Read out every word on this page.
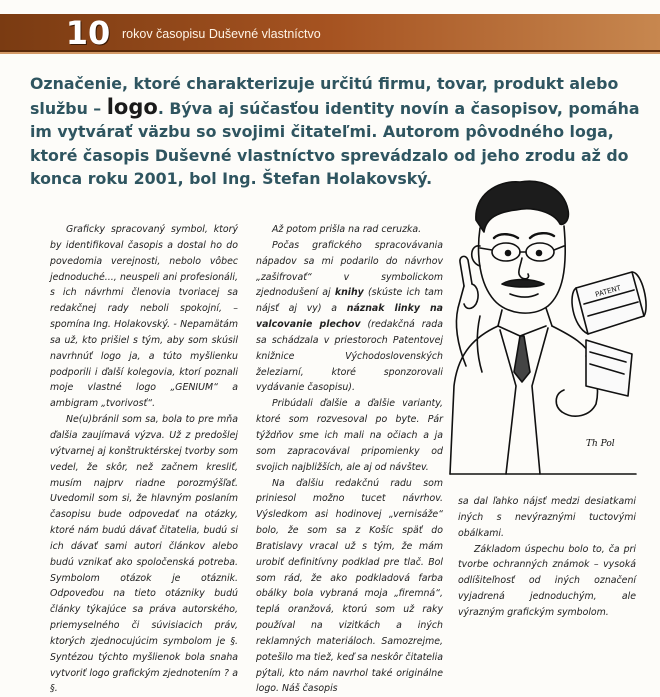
10 rokov časopisu Duševné vlastníctvo
Označenie, ktoré charakterizuje určitú firmu, tovar, produkt alebo službu – logo. Býva aj súčasťou identity novín a časopisov, pomáha im vytvárať väzbu so svojimi čitateľmi. Autorom pôvodného loga, ktoré časopis Duševné vlastníctvo sprevádzalo od jeho zrodu až do konca roku 2001, bol Ing. Štefan Holakovský.

Graficky spracovaný symbol, ktorý by identifikoval časopis a dostal ho do povedomia verejnosti, nebolo vôbec jednoduché..., neuspeli ani profesionáli, s ich návrhmi členovia tvoriacej sa redakčnej rady neboli spokojní, – spomína Ing. Holakovský. - Nepamätám sa už, kto prišiel s tým, aby som skúsil navrhnúť logo ja, a túto myšlienku podporili i ďalší kolegovia, ktorí poznali moje vlastné logo „GENIUM“ a ambigram „tvorivosť“.

Ne(u)bránil som sa, bola to pre mňa ďalšia zaujímavá výzva. Už z predošlej výtvarnej aj konštruktérskej tvorby som vedel, že skôr, než začnem kresliť, musím najprv riadne porozmýšľať. Uvedomil som si, že hlavným poslaním časopisu bude odpovedať na otázky, ktoré nám budú dávať čitatelia, budú si ich dávať sami autori článkov alebo budú vznikať ako spoločenská potreba. Symbolom otázok je otáznik. Odpoveďou na tieto otázniky budú články týkajúce sa práva autorského, priemyselného či súvisiacich práv, ktorých zjednocujúcim symbolom je §. Syntézou týchto myšlienok bola snaha vytvoriť logo grafickým zjednotením ? a §.

Až potom prišla na rad ceruzka.

Počas grafického spracovávania nápadov sa mi podarilo do návrhov „zašifrovať“ v symbolickom zjednodušení aj knihy (skúste ich tam nájsť aj vy) a náznak linky na valcovanie plechov (redakčná rada sa schádzala v priestoroch Patentovej knižnice Východoslovenských železiarní, ktoré sponzorovali vydávanie časopisu).

Pribúdali ďalšie a ďalšie varianty, ktoré som rozvesoval po byte. Pár týždňov sme ich mali na očiach a ja som zapracovával pripomienky od svojich najbližších, ale aj od návštev.

Na ďalšiu redakčnú radu som priniesol možno tucet návrhov. Výsledkom asi hodinovej „vernisáže“ bolo, že som sa z Košíc späť do Bratislavy vracal už s tým, že mám urobiť definitívny podklad pre tlač. Bol som rád, že ako podkladová farba obálky bola vybraná moja „firemná“, teplá oranžová, ktorú som už raky používal na vizitkách a iných reklamných materiáloch. Samozrejme, potešilo ma tiež, keď sa neskôr čitatelia pýtali, kto nám navrhol také originálne logo. Náš časopis

sa dal ľahko nájsť medzi desiatkami iných s nevýraznými tuctovými obálkami.

Základom úspechu bolo to, ča pri tvorbe ochranných známok – vysoká odlíšiteľnosť od iných označení vyjadrená jednoduchým, ale výrazným grafickým symbolom.

PATENT
Th Pol
